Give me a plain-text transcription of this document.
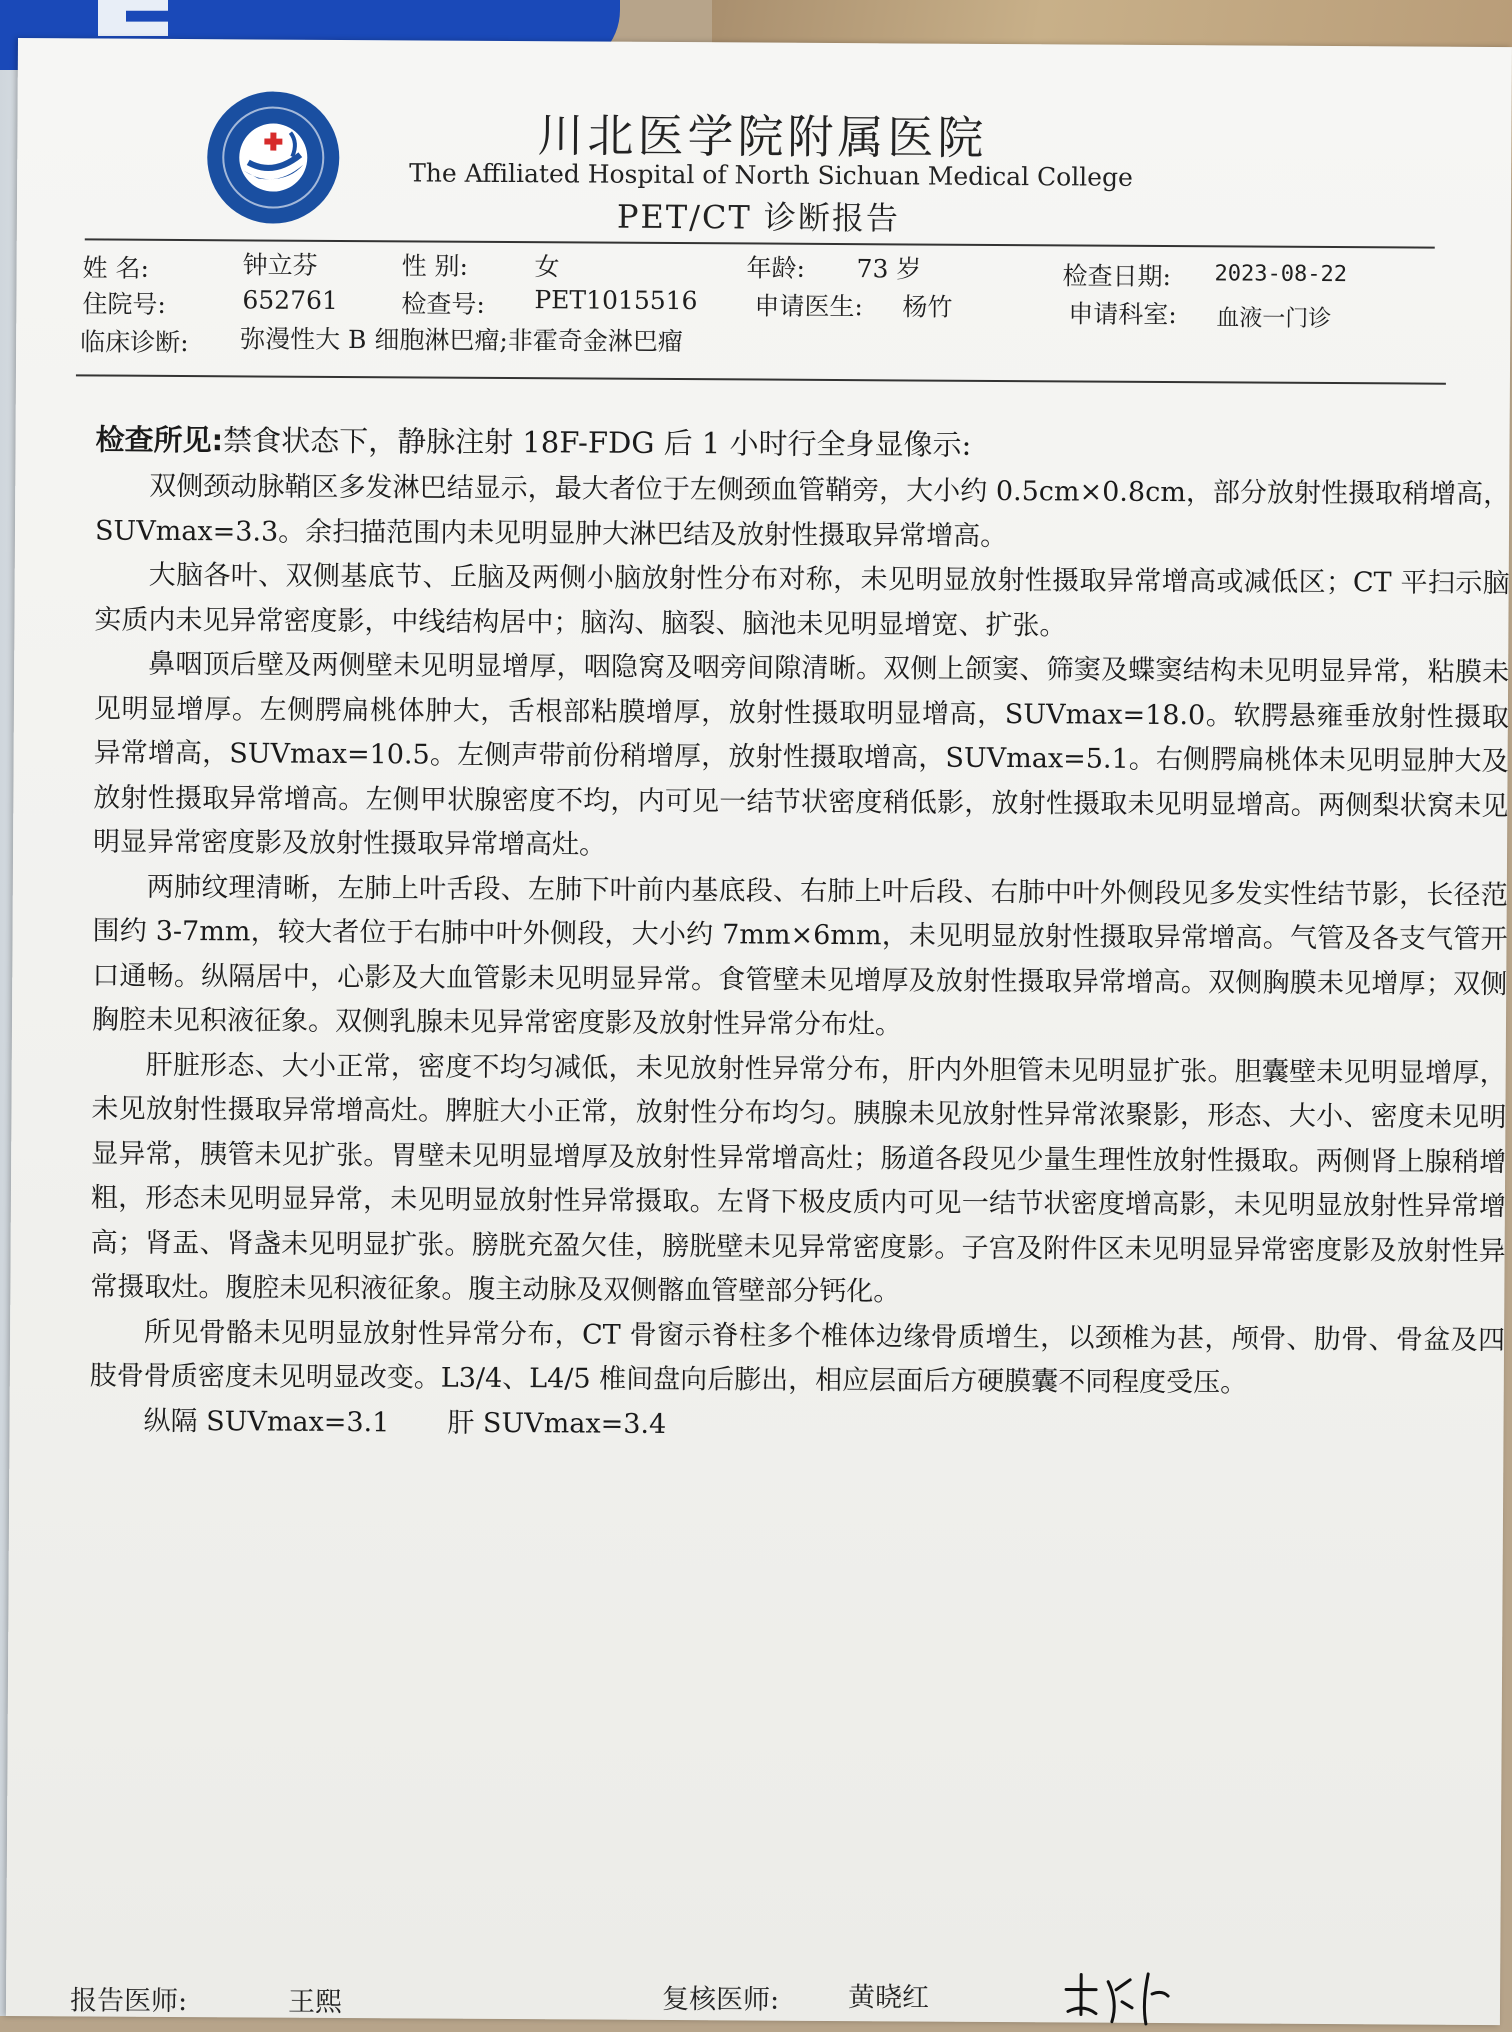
川北医学院附属医院
The Affiliated Hospital of North Sichuan Medical College
PET/CT 诊断报告
姓 名:	钟立芬	性 别:	女	年龄: 73 岁	检查日期: 2023-08-22
住院号:	652761	检查号: PET1015516 申请医生: 杨竹	申请科室: 血液一门诊
临床诊断: 弥漫性大 B 细胞淋巴瘤;非霍奇金淋巴瘤
检查所见:禁食状态下，静脉注射 18F-FDG 后 1 小时行全身显像示:

双侧颈动脉鞘区多发淋巴结显示，最大者位于左侧颈血管鞘旁，大小约 0.5cm×0.8cm，部分放射性摄取稍增高，SUVmax=3.3。余扫描范围内未见明显肿大淋巴结及放射性摄取异常增高。

大脑各叶、双侧基底节、丘脑及两侧小脑放射性分布对称，未见明显放射性摄取异常增高或减低区；CT 平扫示脑实质内未见异常密度影，中线结构居中；脑沟、脑裂、脑池未见明显增宽、扩张。

鼻咽顶后壁及两侧壁未见明显增厚，咽隐窝及咽旁间隙清晰。双侧上颌窦、筛窦及蝶窦结构未见明显异常，粘膜未见明显增厚。左侧腭扁桃体肿大，舌根部粘膜增厚，放射性摄取明显增高，SUVmax=18.0。软腭悬雍垂放射性摄取异常增高，SUVmax=10.5。左侧声带前份稍增厚，放射性摄取增高，SUVmax=5.1。右侧腭扁桃体未见明显肿大及放射性摄取异常增高。左侧甲状腺密度不均，内可见一结节状密度稍低影，放射性摄取未见明显增高。两侧梨状窝未见明显异常密度影及放射性摄取异常增高灶。

两肺纹理清晰，左肺上叶舌段、左肺下叶前内基底段、右肺上叶后段、右肺中叶外侧段见多发实性结节影，长径范围约 3-7mm，较大者位于右肺中叶外侧段，大小约 7mm×6mm，未见明显放射性摄取异常增高。气管及各支气管开口通畅。纵隔居中，心影及大血管影未见明显异常。食管壁未见增厚及放射性摄取异常增高。双侧胸膜未见增厚；双侧胸腔未见积液征象。双侧乳腺未见异常密度影及放射性异常分布灶。

肝脏形态、大小正常，密度不均匀减低，未见放射性异常分布，肝内外胆管未见明显扩张。胆囊壁未见明显增厚，未见放射性摄取异常增高灶。脾脏大小正常，放射性分布均匀。胰腺未见放射性异常浓聚影，形态、大小、密度未见明显异常，胰管未见扩张。胃壁未见明显增厚及放射性异常增高灶；肠道各段见少量生理性放射性摄取。两侧肾上腺稍增粗，形态未见明显异常，未见明显放射性异常摄取。左肾下极皮质内可见一结节状密度增高影，未见明显放射性异常增高；肾盂、肾盏未见明显扩张。膀胱充盈欠佳，膀胱壁未见异常密度影。子宫及附件区未见明显异常密度影及放射性异常摄取灶。腹腔未见积液征象。腹主动脉及双侧髂血管壁部分钙化。

所见骨骼未见明显放射性异常分布，CT 骨窗示脊柱多个椎体边缘骨质增生，以颈椎为甚，颅骨、肋骨、骨盆及四肢骨骨质密度未见明显改变。L3/4、L4/5 椎间盘向后膨出，相应层面后方硬膜囊不同程度受压。

纵隔 SUVmax=3.1 肝 SUVmax=3.4
报告医师:	王熙	复核医师:	黄晓红
